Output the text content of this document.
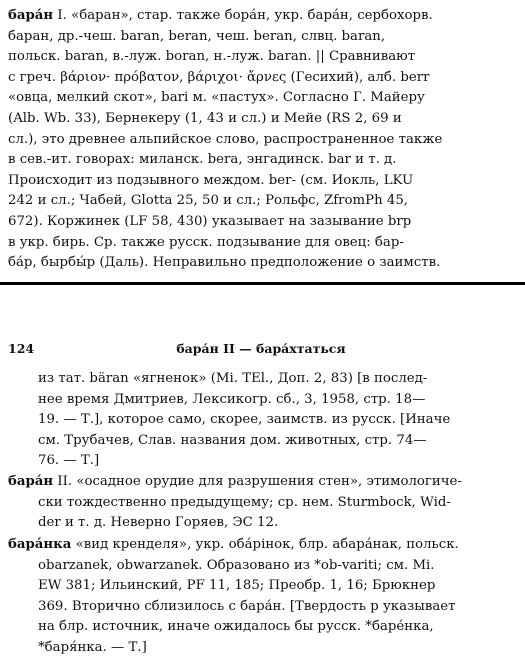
бара́н I. «баран», стар. также бора́н, укр. бара́н, сербохорв.
баран, др.-чеш. baran, beran, чеш. beran, слвц. baran,
польск. baran, в.-луж. boran, н.-луж. baran. || Сравнивают
с греч. βάριον· πρόβατον, βάριχοι· ἄρνες (Гесихий), алб. berr
«овца, мелкий скот», bari м. «пастух». Согласно Г. Майеру
(Alb. Wb. 33), Бернекеру (1, 43 и сл.) и Мейе (RS 2, 69 и
сл.), это древнее альпийское слово, распространенное также
в сев.-ит. говорах: миланск. bera, энгадинск. bar и т. д.
Происходит из подзывного междом. ber- (см. Иокль, LKU
242 и сл.; Чабей, Glotta 25, 50 и сл.; Рольфс, ZfromPh 45,
672). Коржинек (LF 58, 430) указывает на зазывание brр
в укр. бирь. Ср. также русск. подзывание для овец: бар-
ба́р, бырбы́р (Даль). Неправильно предположение о заимств.

124	бара́н II — бара́хтаться

из тат. bäran «ягненок» (Mi. TEl., Доп. 2, 83) [в послед-
нее время Дмитриев, Лексикогр. сб., 3, 1958, стр. 18—
19. — Т.], которое само, скорее, заимств. из русск. [Иначе
см. Трубачев, Слав. названия дом. животных, стр. 74—
76. — Т.]

бара́н II. «осадное орудие для разрушения стен», этимологиче-
ски тождественно предыдущему; ср. нем. Sturmbock, Wid-
der и т. д. Неверно Горяев, ЭС 12.

бара́нка «вид кренделя», укр. оба́рінок, блр. абара́нак, польск.
obarzanek, obwarzanek. Образовано из *ob-variti; см. Mi.
EW 381; Ильинский, PF 11, 185; Преобр. 1, 16; Брюкнер
369. Вторично сблизилось с бара́н. [Твердость р указывает
на блр. источник, иначе ожидалось бы русск. *баре́нка,
*баря́нка. — Т.]
